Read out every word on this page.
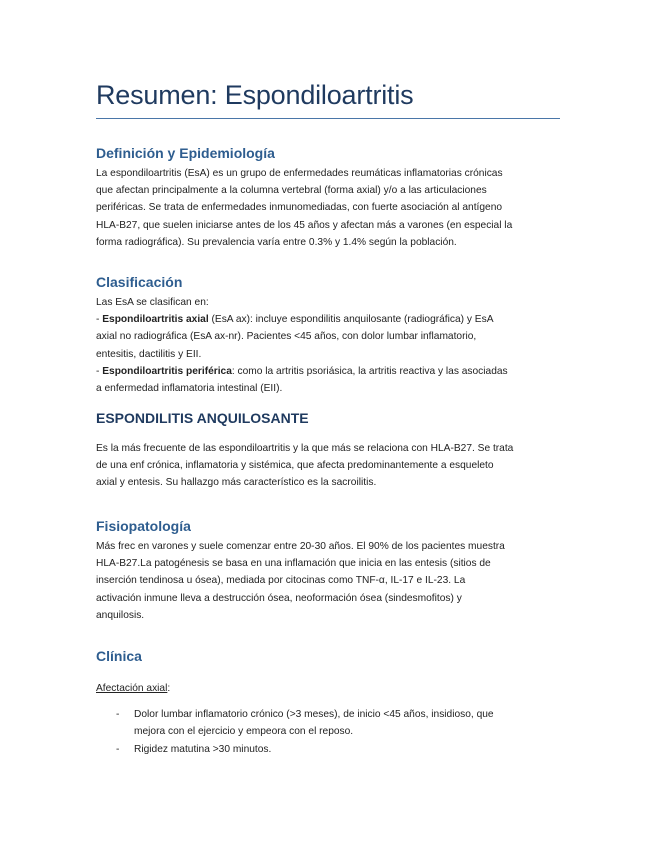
Resumen: Espondiloartritis
Definición y Epidemiología

La espondiloartritis (EsA) es un grupo de enfermedades reumáticas inflamatorias crónicas

que afectan principalmente a la columna vertebral (forma axial) y/o a las articulaciones

periféricas. Se trata de enfermedades inmunomediadas, con fuerte asociación al antígeno

HLA-B27, que suelen iniciarse antes de los 45 años y afectan más a varones (en especial la

forma radiográfica). Su prevalencia varía entre 0.3% y 1.4% según la población.

Clasificación

Las EsA se clasifican en:

- Espondiloartritis axial (EsA ax): incluye espondilitis anquilosante (radiográfica) y EsA

axial no radiográfica (EsA ax-nr). Pacientes <45 años, con dolor lumbar inflamatorio,

entesitis, dactilitis y EII.

- Espondiloartritis periférica: como la artritis psoriásica, la artritis reactiva y las asociadas

a enfermedad inflamatoria intestinal (EII).

ESPONDILITIS ANQUILOSANTE

Es la más frecuente de las espondiloartritis y la que más se relaciona con HLA-B27. Se trata

de una enf crónica, inflamatoria y sistémica, que afecta predominantemente a esqueleto

axial y entesis. Su hallazgo más característico es la sacroilitis.

Fisiopatología

Más frec en varones y suele comenzar entre 20-30 años. El 90% de los pacientes muestra

HLA-B27.La patogénesis se basa en una inflamación que inicia en las entesis (sitios de

inserción tendinosa u ósea), mediada por citocinas como TNF-α, IL-17 e IL-23. La

activación inmune lleva a destrucción ósea, neoformación ósea (sindesmofitos) y

anquilosis.

Clínica

Afectación axial:

- Dolor lumbar inflamatorio crónico (>3 meses), de inicio <45 años, insidioso, que
mejora con el ejercicio y empeora con el reposo.
- Rigidez matutina >30 minutos.
